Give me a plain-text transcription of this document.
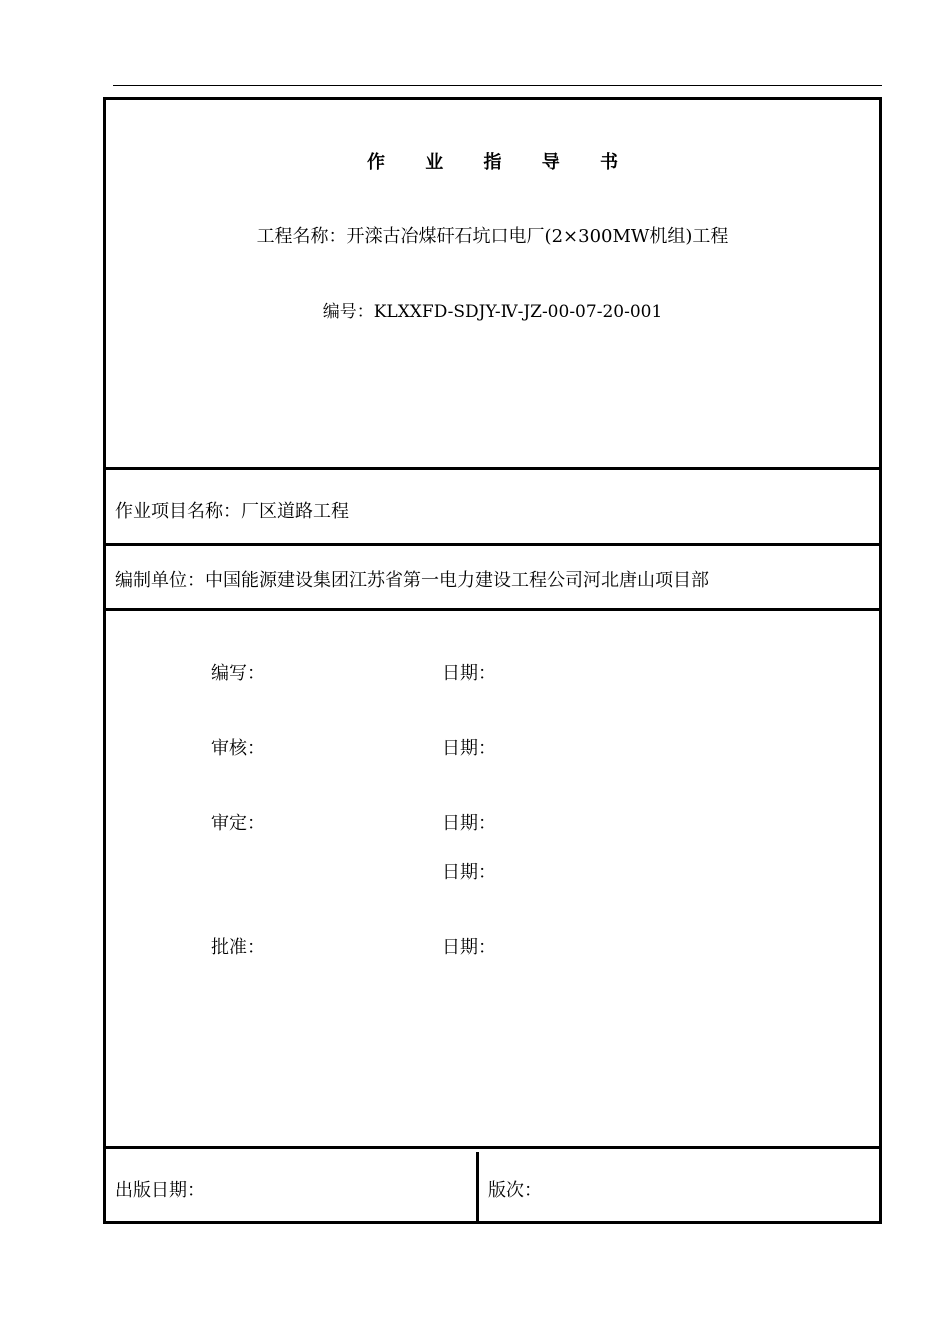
作 业 指 导 书
工程名称：开滦古冶煤矸石坑口电厂(2×300MW机组)工程
编号：KLXXFD-SDJY-Ⅳ-JZ-00-07-20-001
作业项目名称：厂区道路工程
编制单位：中国能源建设集团江苏省第一电力建设工程公司河北唐山项目部
编写：	日期：
审核：	日期：
审定：	日期：
日期：
批准：	日期：
出版日期：	版次：
